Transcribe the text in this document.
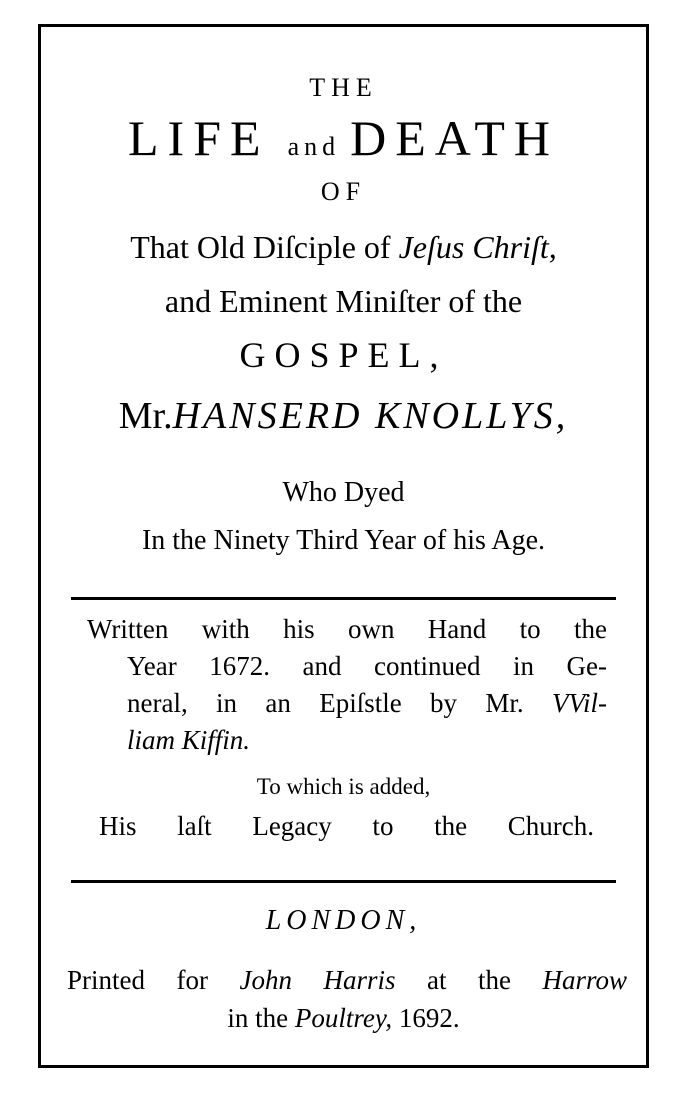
THE
LIFE and DEATH
OF
That Old Diſciple of Jeſus Chriſt,
and Eminent Miniſter of the
GOSPEL,
Mr.HANSERD KNOLLYS,
Who Dyed
In the Ninety Third Year of his Age.
Written with his own Hand to the
Year 1672. and continued in Ge-
neral, in an Epiſstle by Mr. VVil-
liam Kiffin.
To which is added,
His laſt Legacy to the Church.
LONDON,
Printed for John Harris at the Harrow
in the Poultrey, 1692.
